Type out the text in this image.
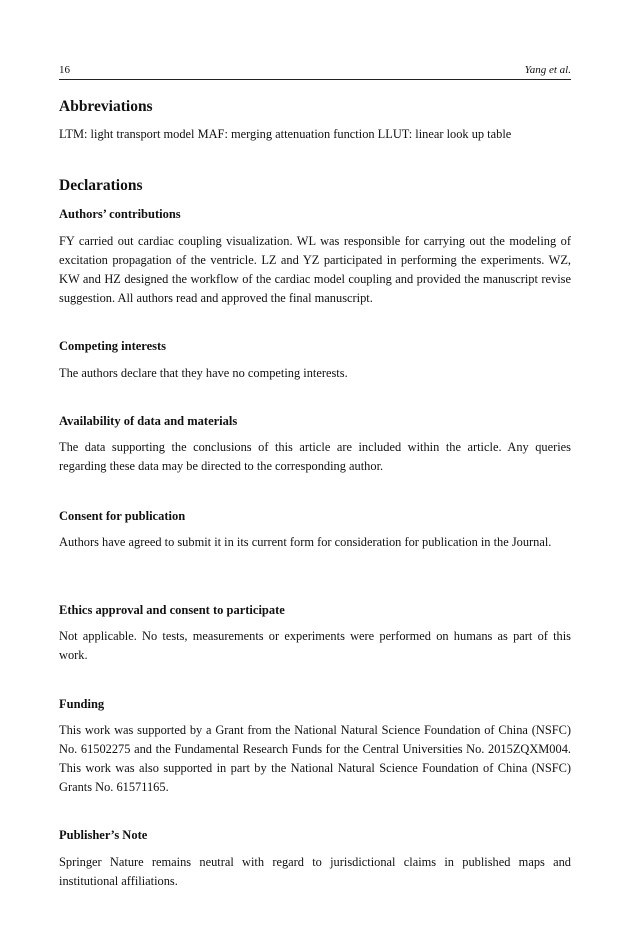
16	Yang et al.
Abbreviations
LTM: light transport model MAF: merging attenuation function LLUT: linear look up table
Declarations
Authors’ contributions
FY carried out cardiac coupling visualization. WL was responsible for carrying out the modeling of excitation propagation of the ventricle. LZ and YZ participated in performing the experiments. WZ, KW and HZ designed the workflow of the cardiac model coupling and provided the manuscript revise suggestion. All authors read and approved the final manuscript.
Competing interests
The authors declare that they have no competing interests.
Availability of data and materials
The data supporting the conclusions of this article are included within the article. Any queries regarding these data may be directed to the corresponding author.
Consent for publication
Authors have agreed to submit it in its current form for consideration for publication in the Journal.
Ethics approval and consent to participate
Not applicable. No tests, measurements or experiments were performed on humans as part of this work.
Funding
This work was supported by a Grant from the National Natural Science Foundation of China (NSFC) No. 61502275 and the Fundamental Research Funds for the Central Universities No. 2015ZQXM004. This work was also supported in part by the National Natural Science Foundation of China (NSFC) Grants No. 61571165.
Publisher’s Note
Springer Nature remains neutral with regard to jurisdictional claims in published maps and institutional affiliations.
